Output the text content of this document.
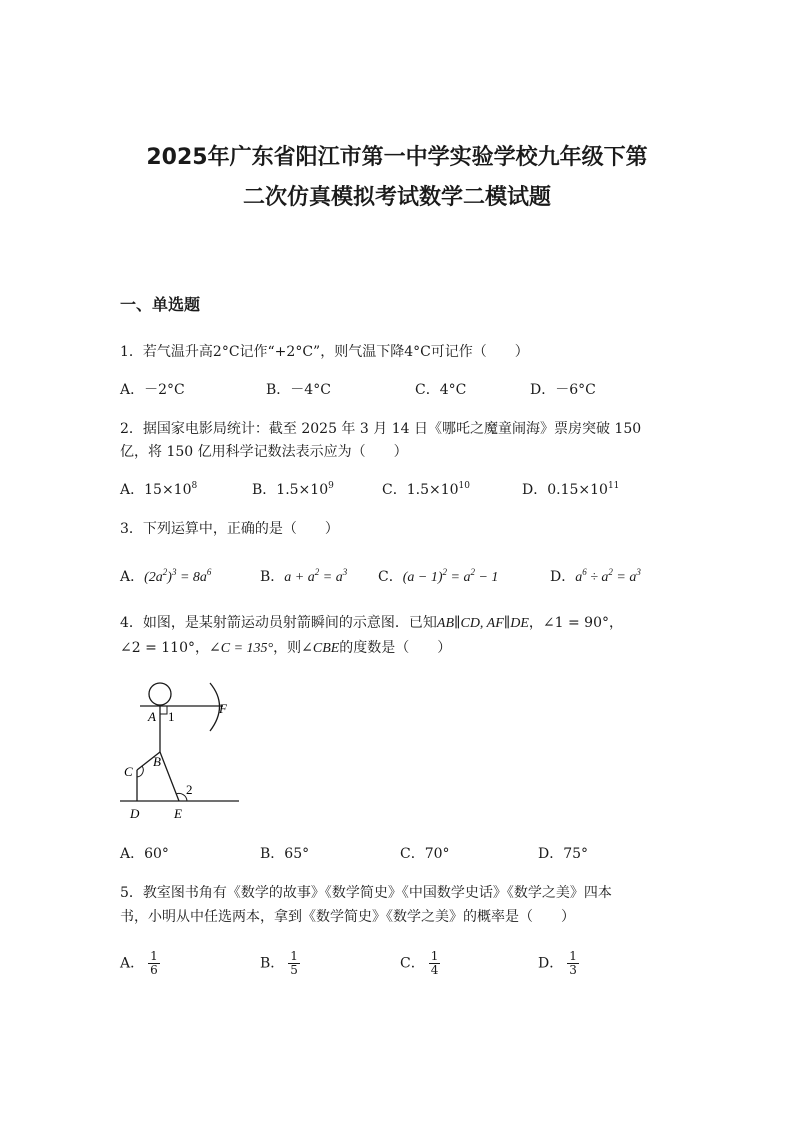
2025年广东省阳江市第一中学实验学校九年级下第
二次仿真模拟考试数学二模试题
一、单选题
1．若气温升高2°C记作“+2°C”，则气温下降4°C可记作（　　）
A．－2°C	B．－4°C	C．4°C	D．－6°C
2．据国家电影局统计：截至 2025 年 3 月 14 日《哪吒之魔童闹海》票房突破 150
亿，将 150 亿用科学记数法表示应为（　　）
A．$15\times 10^8$	B．$1.5\times 10^9$	C．$1.5\times 10^{10}$	D．$0.15\times 10^{11}$
3．下列运算中，正确的是（　　）
A．$(2a^2)^3 = 8a^6$	B．$a + a^2 = a^3$ C．$(a - 1)^2 = a^2 - 1$	D．$a^6 \div a^2 = a^3$
4．如图，是某射箭运动员射箭瞬间的示意图．已知AB∥CD, AF∥DE，∠1 = 90°，
∠2 = 110°，∠C = 135°，则∠CBE的度数是（　　）
A 1
F
B
C
2
D	E
A．60°	B．65°	C．70°	D．75°
5．教室图书角有《数学的故事》《数学简史》《中国数学史话》《数学之美》四本
书，小明从中任选两本，拿到《数学简史》《数学之美》的概率是（　　）
A． $\frac{1}{6}$	B． $\frac{1}{5}$	C． $\frac{1}{4}$	D． $\frac{1}{3}$
